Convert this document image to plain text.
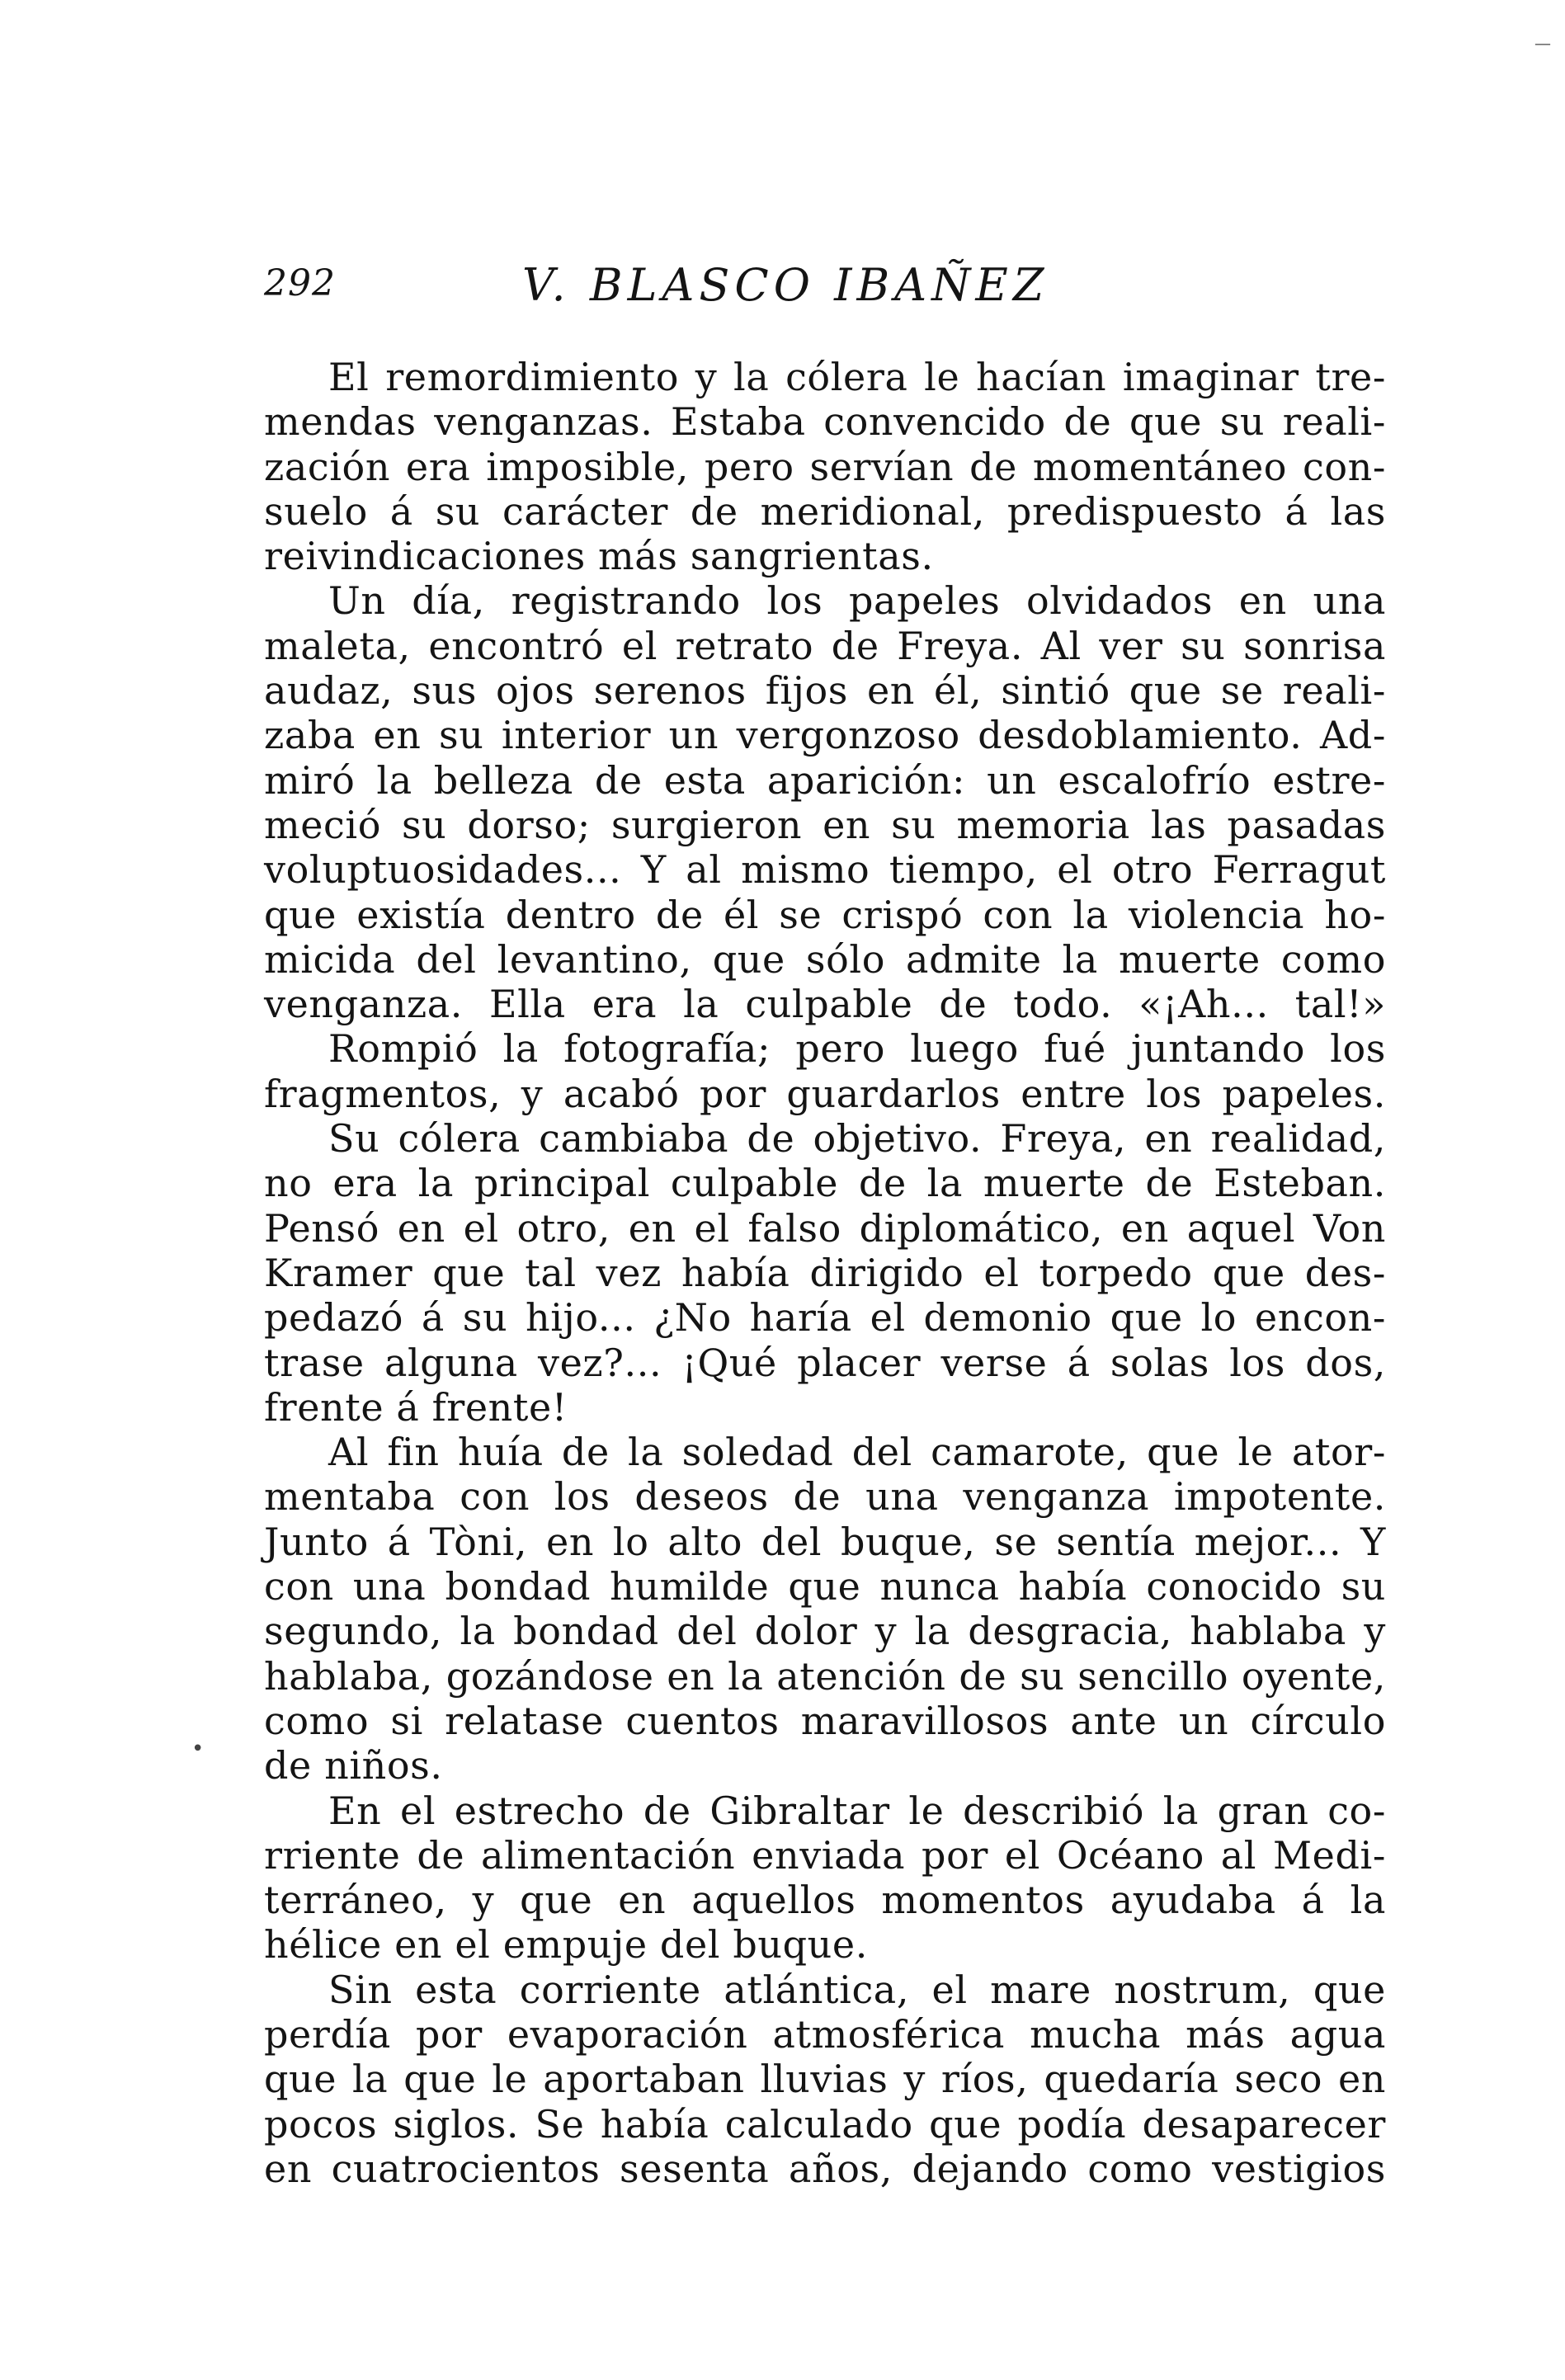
292	V. BLASCO IBAÑEZ
El remordimiento y la cólera le hacían imaginar tre-
mendas venganzas. Estaba convencido de que su reali-
zación era imposible, pero servían de momentáneo con-
suelo á su carácter de meridional, predispuesto á las
reivindicaciones más sangrientas.
Un día, registrando los papeles olvidados en una
maleta, encontró el retrato de Freya. Al ver su sonrisa
audaz, sus ojos serenos fijos en él, sintió que se reali-
zaba en su interior un vergonzoso desdoblamiento. Ad-
miró la belleza de esta aparición: un escalofrío estre-
meció su dorso; surgieron en su memoria las pasadas
voluptuosidades... Y al mismo tiempo, el otro Ferragut
que existía dentro de él se crispó con la violencia ho-
micida del levantino, que sólo admite la muerte como
venganza. Ella era la culpable de todo. «¡Ah... tal!»
Rompió la fotografía; pero luego fué juntando los
fragmentos, y acabó por guardarlos entre los papeles.
Su cólera cambiaba de objetivo. Freya, en realidad,
no era la principal culpable de la muerte de Esteban.
Pensó en el otro, en el falso diplomático, en aquel Von
Kramer que tal vez había dirigido el torpedo que des-
pedazó á su hijo... ¿No haría el demonio que lo encon-
trase alguna vez?... ¡Qué placer verse á solas los dos,
frente á frente!
Al fin huía de la soledad del camarote, que le ator-
mentaba con los deseos de una venganza impotente.
Junto á Tòni, en lo alto del buque, se sentía mejor... Y
con una bondad humilde que nunca había conocido su
segundo, la bondad del dolor y la desgracia, hablaba y
hablaba, gozándose en la atención de su sencillo oyente,
como si relatase cuentos maravillosos ante un círculo
de niños.
En el estrecho de Gibraltar le describió la gran co-
rriente de alimentación enviada por el Océano al Medi-
terráneo, y que en aquellos momentos ayudaba á la
hélice en el empuje del buque.
Sin esta corriente atlántica, el mare nostrum, que
perdía por evaporación atmosférica mucha más agua
que la que le aportaban lluvias y ríos, quedaría seco en
pocos siglos. Se había calculado que podía desaparecer
en cuatrocientos sesenta años, dejando como vestigios
—
•
